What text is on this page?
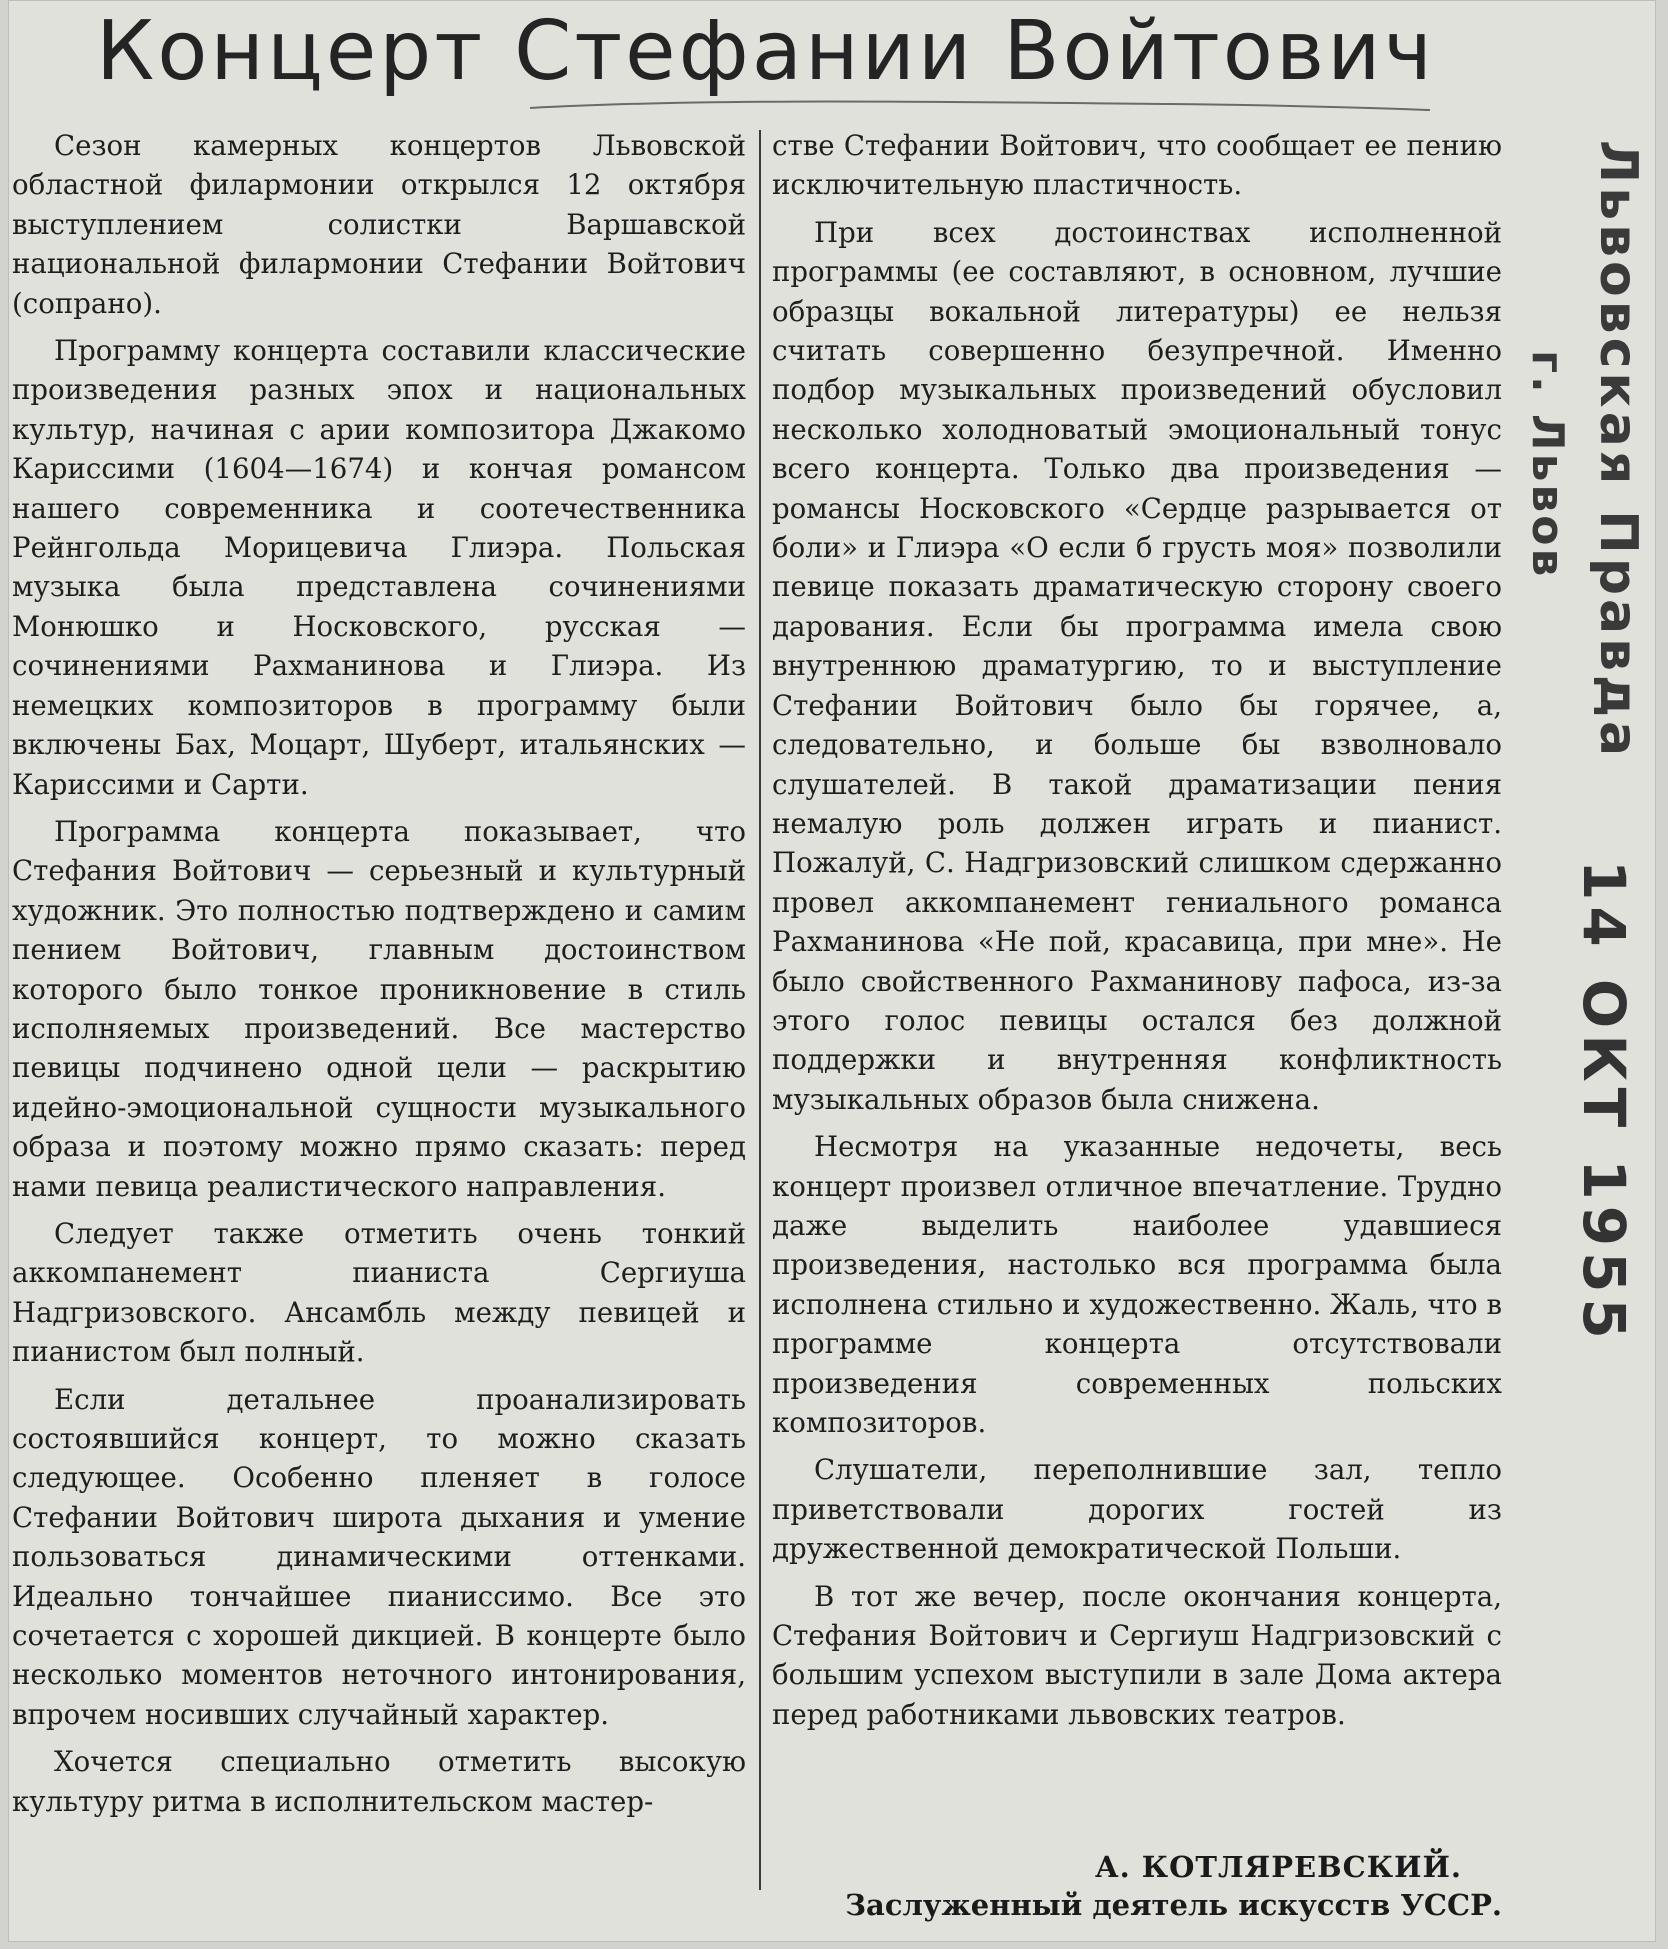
Концерт Стефании Войтович

Сезон камерных концертов Львовской областной филармонии открылся 12 октября выступлением солистки Варшавской национальной филармонии Стефании Войтович (сопрано).

Программу концерта составили классические произведения разных эпох и национальных культур, начиная с арии композитора Джакомо Кариссими (1604—1674) и кончая романсом нашего современника и соотечественника Рейнгольда Морицевича Глиэра. Польская музыка была представлена сочинениями Монюшко и Носковского, русская — сочинениями Рахманинова и Глиэра. Из немецких композиторов в программу были включены Бах, Моцарт, Шуберт, итальянских — Кариссими и Сарти.

Программа концерта показывает, что Стефания Войтович — серьезный и культурный художник. Это полностью подтверждено и самим пением Войтович, главным достоинством которого было тонкое проникновение в стиль исполняемых произведений. Все мастерство певицы подчинено одной цели — раскрытию идейно-эмоциональной сущности музыкального образа и поэтому можно прямо сказать: перед нами певица реалистического направления.

Следует также отметить очень тонкий аккомпанемент пианиста Сергиуша Надгризовского. Ансамбль между певицей и пианистом был полный.

Если детальнее проанализировать состоявшийся концерт, то можно сказать следующее. Особенно пленяет в голосе Стефании Войтович широта дыхания и умение пользоваться динамическими оттенками. Идеально тончайшее пианиссимо. Все это сочетается с хорошей дикцией. В концерте было несколько моментов неточного интонирования, впрочем носивших случайный характер.

Хочется специально отметить высокую культуру ритма в исполнительском мастер-

стве Стефании Войтович, что сообщает ее пению исключительную пластичность.

При всех достоинствах исполненной программы (ее составляют, в основном, лучшие образцы вокальной литературы) ее нельзя считать совершенно безупречной. Именно подбор музыкальных произведений обусловил несколько холодноватый эмоциональный тонус всего концерта. Только два произведения — романсы Носковского «Сердце разрывается от боли» и Глиэра «О если б грусть моя» позволили певице показать драматическую сторону своего дарования. Если бы программа имела свою внутреннюю драматургию, то и выступление Стефании Войтович было бы горячее, а, следовательно, и больше бы взволновало слушателей. В такой драматизации пения немалую роль должен играть и пианист. Пожалуй, С. Надгризовский слишком сдержанно провел аккомпанемент гениального романса Рахманинова «Не пой, красавица, при мне». Не было свойственного Рахманинову пафоса, из-за этого голос певицы остался без должной поддержки и внутренняя конфликтность музыкальных образов была снижена.

Несмотря на указанные недочеты, весь концерт произвел отличное впечатление. Трудно даже выделить наиболее удавшиеся произведения, настолько вся программа была исполнена стильно и художественно. Жаль, что в программе концерта отсутствовали произведения современных польских композиторов.

Слушатели, переполнившие зал, тепло приветствовали дорогих гостей из дружественной демократической Польши.

В тот же вечер, после окончания концерта, Стефания Войтович и Сергиуш Надгризовский с большим успехом выступили в зале Дома актера перед работниками львовских театров.

А. КОТЛЯРЕВСКИЙ.
Заслуженный деятель искусств УССР.
Львовская Правда
г. Львов
14 ОКТ 1955
